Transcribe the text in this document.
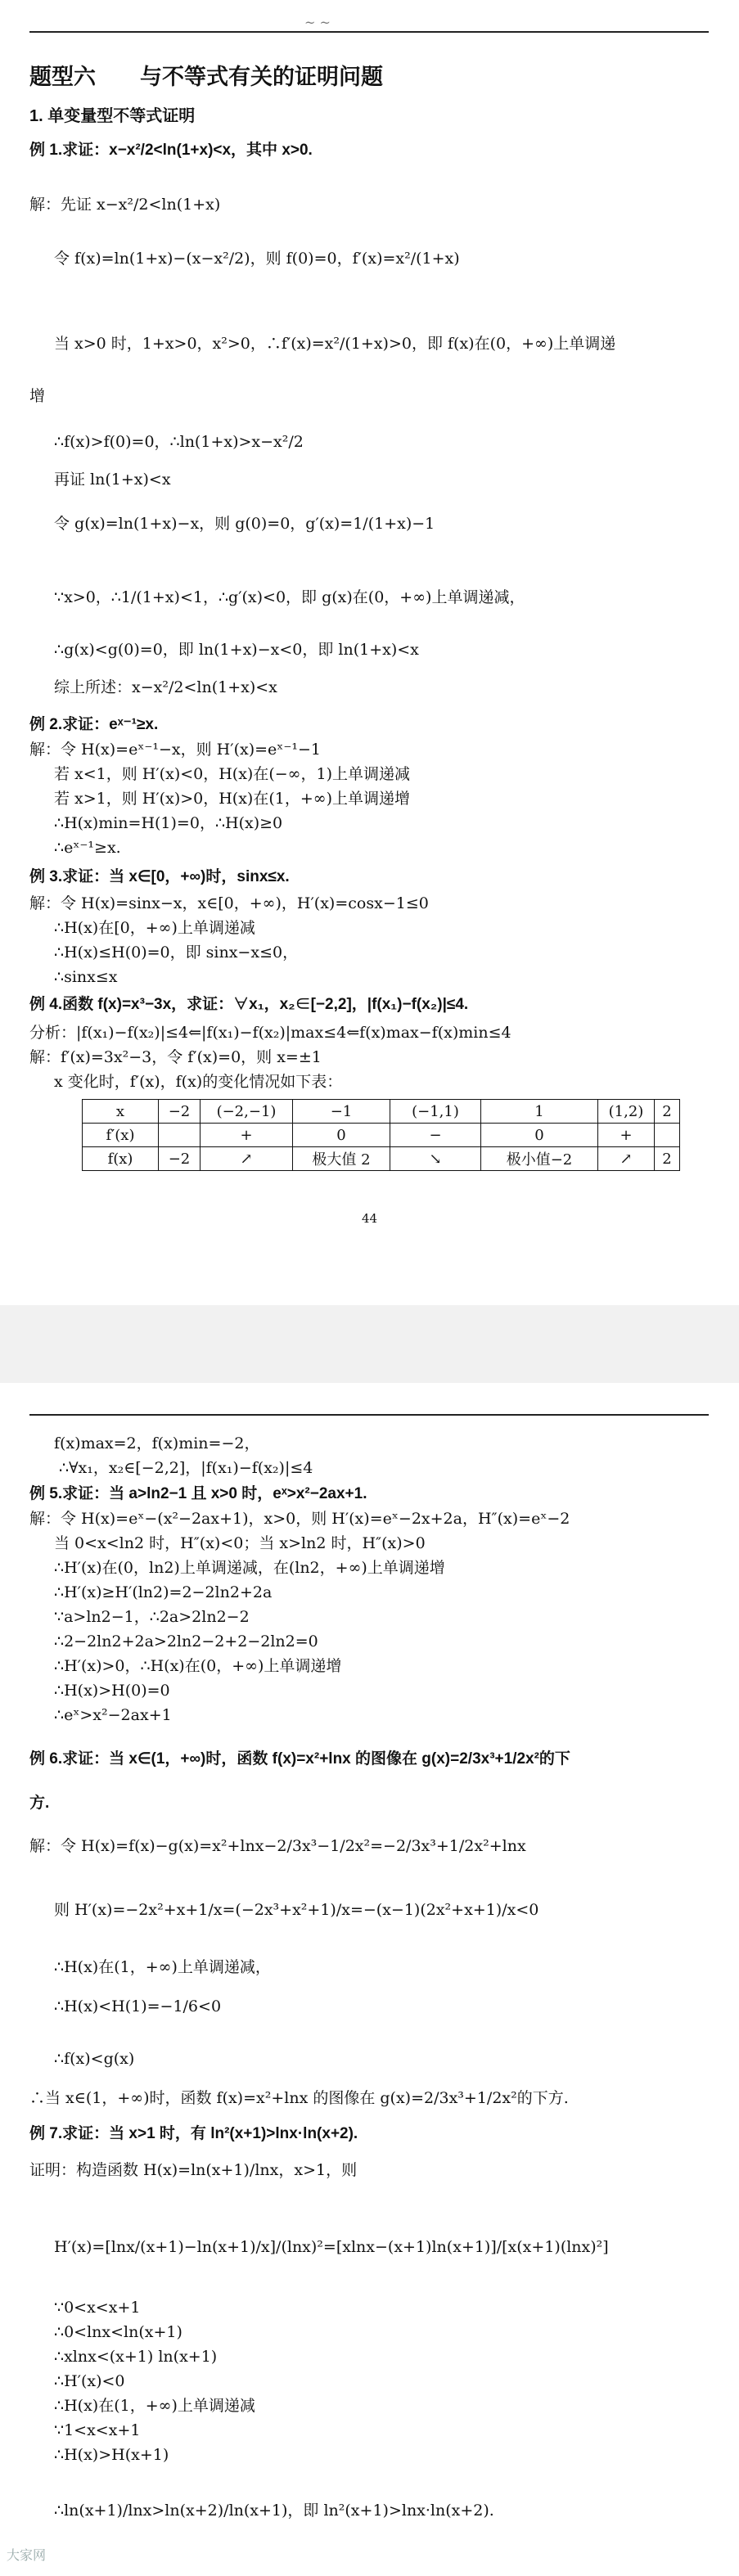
~ ~
题型六　　与不等式有关的证明问题
1. 单变量型不等式证明
例 1.求证：x−x²/2<ln(1+x)<x，其中 x>0.
解：先证 x−x²/2<ln(1+x)
令 f(x)=ln(1+x)−(x−x²/2)，则 f(0)=0，f′(x)=x²/(1+x)
当 x>0 时，1+x>0，x²>0，∴f′(x)=x²/(1+x)>0，即 f(x)在(0，+∞)上单调递
增
∴f(x)>f(0)=0，∴ln(1+x)>x−x²/2
再证 ln(1+x)<x
令 g(x)=ln(1+x)−x，则 g(0)=0，g′(x)=1/(1+x)−1
∵x>0，∴1/(1+x)<1，∴g′(x)<0，即 g(x)在(0，+∞)上单调递减，
∴g(x)<g(0)=0，即 ln(1+x)−x<0，即 ln(1+x)<x
综上所述：x−x²/2<ln(1+x)<x
例 2.求证：eˣ⁻¹≥x.
解：令 H(x)=eˣ⁻¹−x，则 H′(x)=eˣ⁻¹−1
若 x<1，则 H′(x)<0，H(x)在(−∞，1)上单调递减
若 x>1，则 H′(x)>0，H(x)在(1，+∞)上单调递增
∴H(x)min=H(1)=0，∴H(x)≥0
∴eˣ⁻¹≥x.
例 3.求证：当 x∈[0，+∞)时，sinx≤x.
解：令 H(x)=sinx−x，x∈[0，+∞)，H′(x)=cosx−1≤0
∴H(x)在[0，+∞)上单调递减
∴H(x)≤H(0)=0，即 sinx−x≤0，
∴sinx≤x
例 4.函数 f(x)=x³−3x，求证：∀x₁，x₂∈[−2,2]，|f(x₁)−f(x₂)|≤4.
分析：|f(x₁)−f(x₂)|≤4⇐|f(x₁)−f(x₂)|max≤4⇐f(x)max−f(x)min≤4
解：f′(x)=3x²−3，令 f′(x)=0，则 x=±1
x 变化时，f′(x)，f(x)的变化情况如下表：
x	−2	(−2,−1)	−1	(−1,1)	1	(1,2)	2
f′(x)		+	0	−	0	+	
f(x)	−2	↗	极大值 2	↘	极小值−2	↗	2
44
f(x)max=2，f(x)min=−2，
∴∀x₁，x₂∈[−2,2]，|f(x₁)−f(x₂)|≤4
例 5.求证：当 a>ln2−1 且 x>0 时，eˣ>x²−2ax+1.
解：令 H(x)=eˣ−(x²−2ax+1)，x>0，则 H′(x)=eˣ−2x+2a，H″(x)=eˣ−2
当 0<x<ln2 时，H″(x)<0；当 x>ln2 时，H″(x)>0
∴H′(x)在(0，ln2)上单调递减，在(ln2，+∞)上单调递增
∴H′(x)≥H′(ln2)=2−2ln2+2a
∵a>ln2−1，∴2a>2ln2−2
∴2−2ln2+2a>2ln2−2+2−2ln2=0
∴H′(x)>0，∴H(x)在(0，+∞)上单调递增
∴H(x)>H(0)=0
∴eˣ>x²−2ax+1
例 6.求证：当 x∈(1，+∞)时，函数 f(x)=x²+lnx 的图像在 g(x)=2/3x³+1/2x²的下
方.
解：令 H(x)=f(x)−g(x)=x²+lnx−2/3x³−1/2x²=−2/3x³+1/2x²+lnx
则 H′(x)=−2x²+x+1/x=(−2x³+x²+1)/x=−(x−1)(2x²+x+1)/x<0
∴H(x)在(1，+∞)上单调递减，
∴H(x)<H(1)=−1/6<0
∴f(x)<g(x)
∴当 x∈(1，+∞)时，函数 f(x)=x²+lnx 的图像在 g(x)=2/3x³+1/2x²的下方.
例 7.求证：当 x>1 时，有 ln²(x+1)>lnx·ln(x+2).
证明：构造函数 H(x)=ln(x+1)/lnx，x>1，则
H′(x)=[lnx/(x+1)−ln(x+1)/x]/(lnx)²=[xlnx−(x+1)ln(x+1)]/[x(x+1)(lnx)²]
∵0<x<x+1
∴0<lnx<ln(x+1)
∴xlnx<(x+1) ln(x+1)
∴H′(x)<0
∴H(x)在(1，+∞)上单调递减
∵1<x<x+1
∴H(x)>H(x+1)
∴ln(x+1)/lnx>ln(x+2)/ln(x+1)，即 ln²(x+1)>lnx·ln(x+2).
大家网
